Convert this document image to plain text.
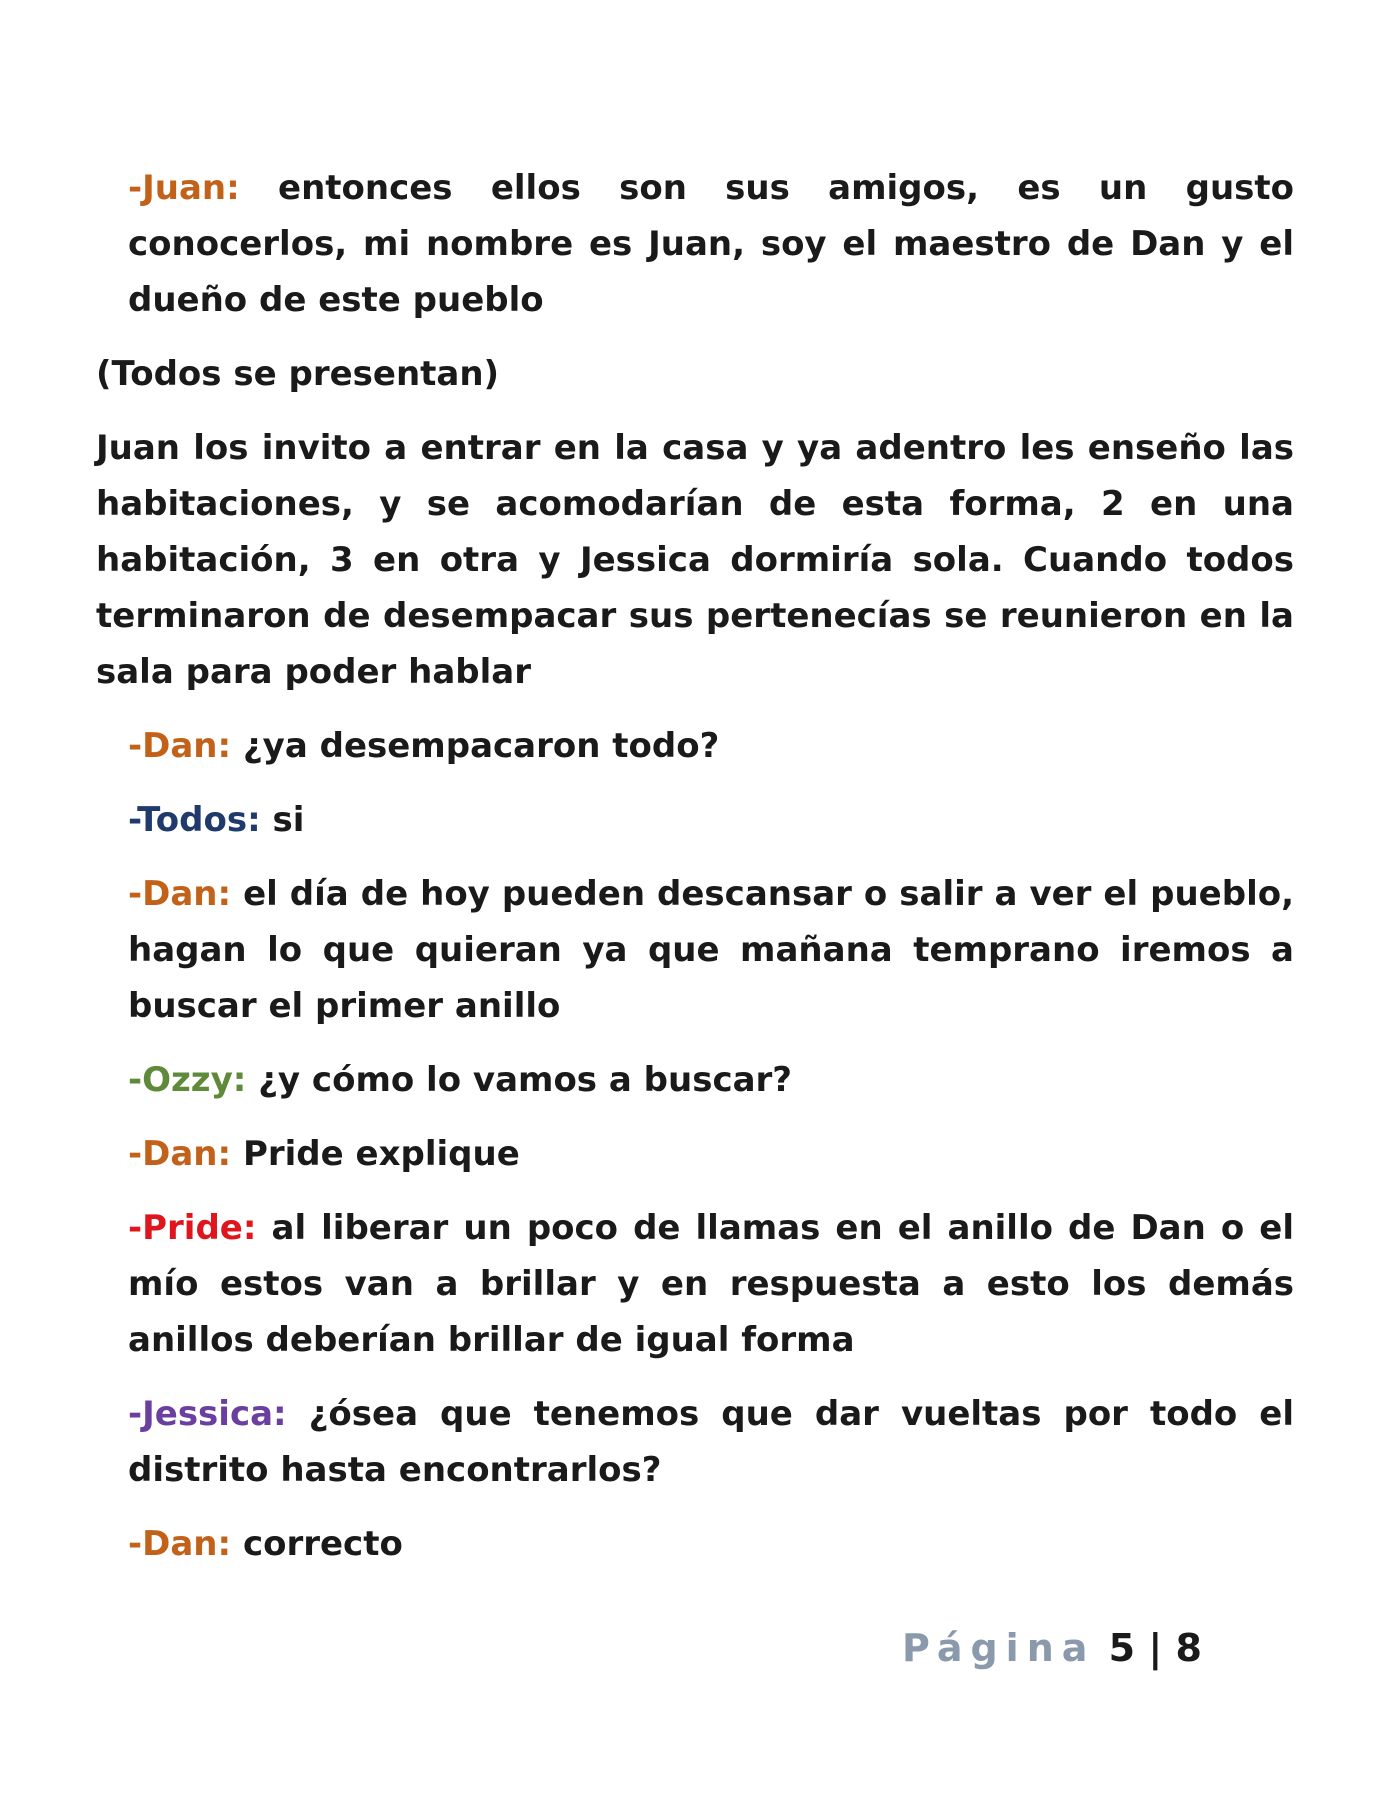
-Juan: entonces ellos son sus amigos, es un gusto conocerlos, mi nombre es Juan, soy el maestro de Dan y el dueño de este pueblo

(Todos se presentan)

Juan los invito a entrar en la casa y ya adentro les enseño las habitaciones, y se acomodarían de esta forma, 2 en una habitación, 3 en otra y Jessica dormiría sola. Cuando todos terminaron de desempacar sus pertenecías se reunieron en la sala para poder hablar

-Dan: ¿ya desempacaron todo?

-Todos: si

-Dan: el día de hoy pueden descansar o salir a ver el pueblo, hagan lo que quieran ya que mañana temprano iremos a buscar el primer anillo

-Ozzy: ¿y cómo lo vamos a buscar?

-Dan: Pride explique

-Pride: al liberar un poco de llamas en el anillo de Dan o el mío estos van a brillar y en respuesta a esto los demás anillos deberían brillar de igual forma

-Jessica: ¿ósea que tenemos que dar vueltas por todo el distrito hasta encontrarlos?

-Dan: correcto

Página 5 | 8
